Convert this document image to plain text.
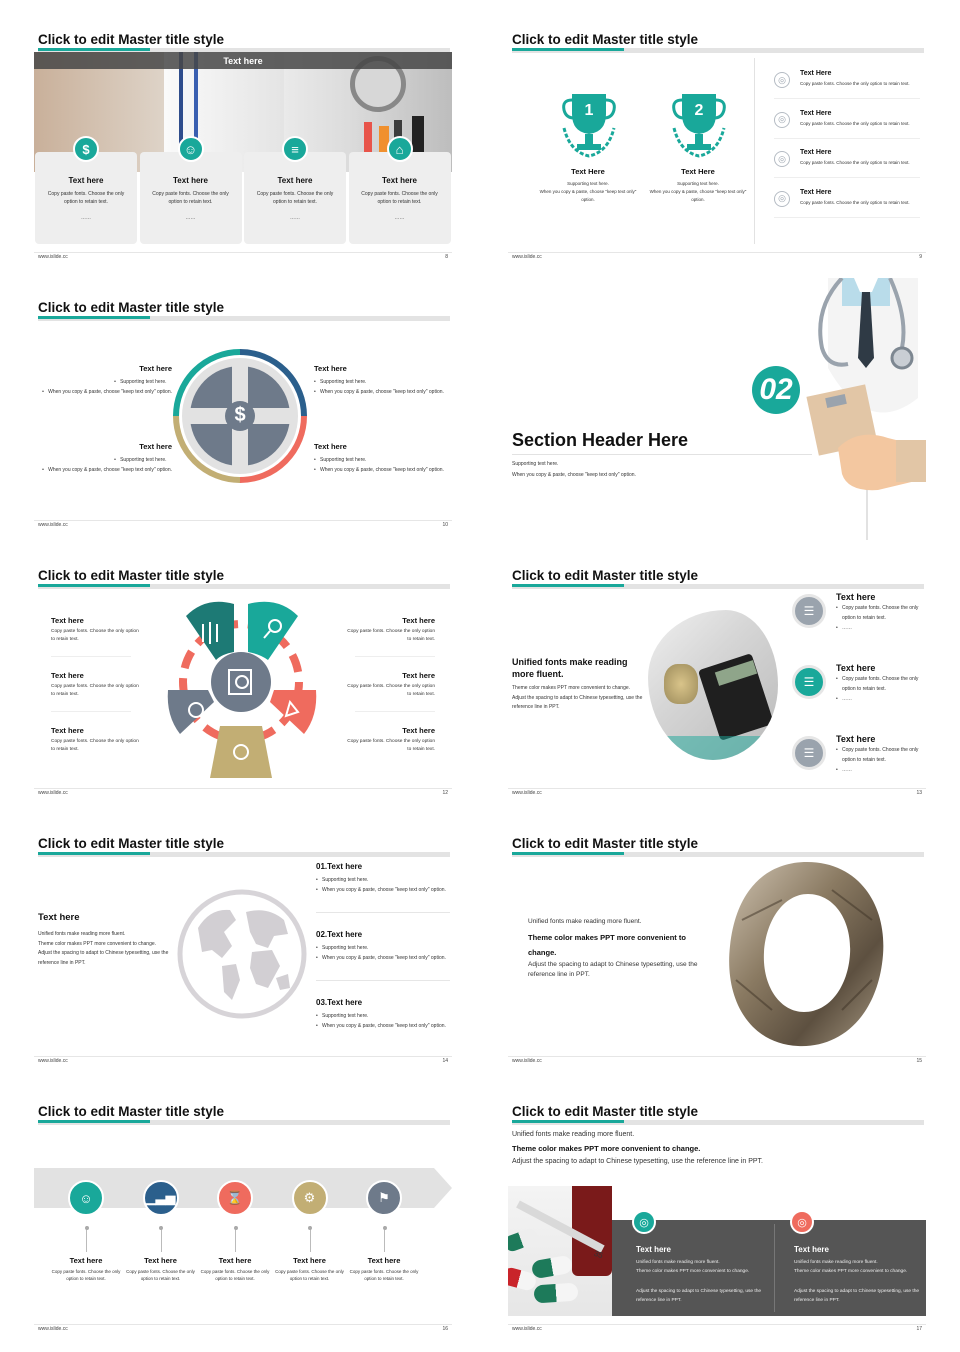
Click to edit Master title style
Text here
Text here
Copy paste fonts. Choose the only option to retain text.
……
$
Text here
Copy paste fonts. Choose the only option to retain text.
……
☺
Text here
Copy paste fonts. Choose the only option to retain text.
……
≡
Text here
Copy paste fonts. Choose the only option to retain text.
……
⌂
www.islide.cc	8
Click to edit Master title style
1
Text Here
Supporting text here.
When you copy & paste, choose "keep text only" option.
2
Text Here
Supporting text here.
When you copy & paste, choose "keep text only" option.
◎
Text Here
Copy paste fonts. Choose the only option to retain text.
◎
Text Here
Copy paste fonts. Choose the only option to retain text.
◎
Text Here
Copy paste fonts. Choose the only option to retain text.
◎
Text Here
Copy paste fonts. Choose the only option to retain text.
www.islide.cc	9
Click to edit Master title style
$
Text here
• Supporting text here.
• When you copy & paste, choose "keep text only" option.
Text here
• Supporting text here.
• When you copy & paste, choose "keep text only" option.
Text here
• Supporting text here.
• When you copy & paste, choose "keep text only" option.
Text here
• Supporting text here.
• When you copy & paste, choose "keep text only" option.
www.islide.cc	10
02
Section Header Here
Supporting text here.
When you copy & paste, choose "keep text only" option.
Click to edit Master title style
Text here
Copy paste fonts. Choose the only option to retain text.
Text here
Copy paste fonts. Choose the only option to retain text.
Text here
Copy paste fonts. Choose the only option to retain text.
Text here
Copy paste fonts. Choose the only option to retain text.
Text here
Copy paste fonts. Choose the only option to retain text.
Text here
Copy paste fonts. Choose the only option to retain text.
www.islide.cc	12
Click to edit Master title style
Unified fonts make reading more fluent.
Theme color makes PPT more convenient to change.
Adjust the spacing to adapt to Chinese typesetting, use the reference line in PPT.
☰
Text here
• Copy paste fonts. Choose the only option to retain text.
• ……
☰
Text here
• Copy paste fonts. Choose the only option to retain text.
• ……
☰
Text here
• Copy paste fonts. Choose the only option to retain text.
• ……
www.islide.cc	13
Click to edit Master title style
Text here
Unified fonts make reading more fluent.
Theme color makes PPT more convenient to change.
Adjust the spacing to adapt to Chinese typesetting, use the reference line in PPT.
01.Text here
• Supporting text here.
• When you copy & paste, choose "keep text only" option.
02.Text here
• Supporting text here.
• When you copy & paste, choose "keep text only" option.
03.Text here
• Supporting text here.
• When you copy & paste, choose "keep text only" option.
www.islide.cc	14
Click to edit Master title style
Unified fonts make reading more fluent.
Theme color makes PPT more convenient to change.
Adjust the spacing to adapt to Chinese typesetting, use the reference line in PPT.
www.islide.cc	15
Click to edit Master title style
☺
Text here
Copy paste fonts. Choose the only option to retain text.
▁▃▅
Text here
Copy paste fonts. Choose the only option to retain text.
⌛
Text here
Copy paste fonts. Choose the only option to retain text.
⚙
Text here
Copy paste fonts. Choose the only option to retain text.
⚑
Text here
Copy paste fonts. Choose the only option to retain text.
www.islide.cc	16
Click to edit Master title style
Unified fonts make reading more fluent.
Theme color makes PPT more convenient to change.
Adjust the spacing to adapt to Chinese typesetting, use the reference line in PPT.
35
◎
Text here
Unified fonts make reading more fluent.
Theme color makes PPT more convenient to change.
Adjust the spacing to adapt to Chinese typesetting, use the reference line in PPT.
◎
Text here
Unified fonts make reading more fluent.
Theme color makes PPT more convenient to change.
Adjust the spacing to adapt to Chinese typesetting, use the reference line in PPT.
www.islide.cc	17
